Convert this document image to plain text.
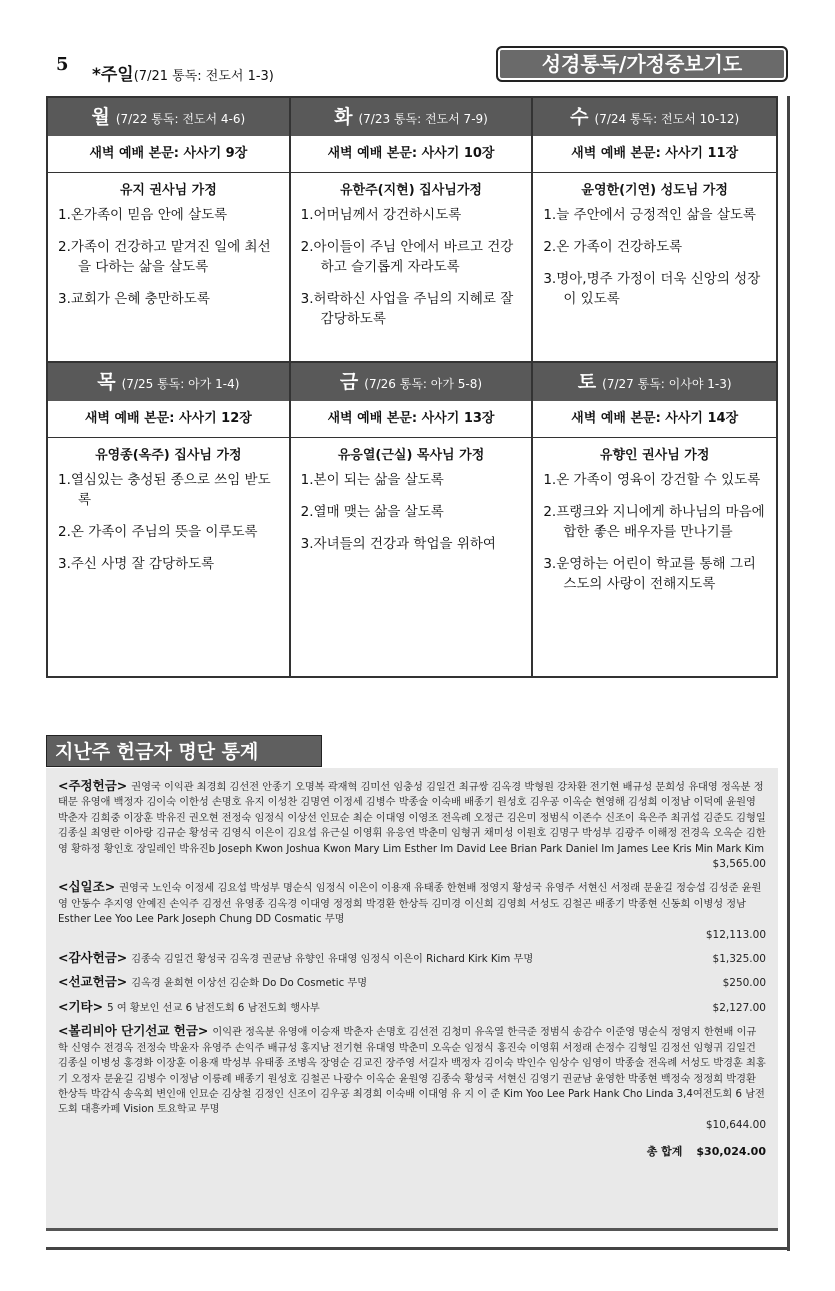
5 *주일(7/21 통독: 전도서 1-3)
성경통독/가정중보기도
월 (7/22 통독: 전도서 4-6)
새벽 예배 본문: 사사기 9장
유지 권사님 가정
1.온가족이 믿음 안에 살도록
2.가족이 건강하고 맡겨진 일에 최선을 다하는 삶을 살도록
3.교회가 은혜 충만하도록
화 (7/23 통독: 전도서 7-9)
새벽 예배 본문: 사사기 10장
유한주(지현) 집사님가정
1.어머님께서 강건하시도록
2.아이들이 주님 안에서 바르고 건강하고 슬기롭게 자라도록
3.허락하신 사업을 주님의 지혜로 잘 감당하도록
수 (7/24 통독: 전도서 10-12)
새벽 예배 본문: 사사기 11장
윤영한(기연) 성도님 가정
1.늘 주안에서 긍정적인 삶을 살도록
2.온 가족이 건강하도록
3.명아,명주 가정이 더욱 신앙의 성장이 있도록
목 (7/25 통독: 아가 1-4)
새벽 예배 본문: 사사기 12장
유영종(옥주) 집사님 가정
1.열심있는 충성된 종으로 쓰임 받도록
2.온 가족이 주님의 뜻을 이루도록
3.주신 사명 잘 감당하도록
금 (7/26 통독: 아가 5-8)
새벽 예배 본문: 사사기 13장
유응열(근실) 목사님 가정
1.본이 되는 삶을 살도록
2.열매 맺는 삶을 살도록
3.자녀들의 건강과 학업을 위하여
토 (7/27 통독: 이사야 1-3)
새벽 예배 본문: 사사기 14장
유향인 권사님 가정
1.온 가족이 영육이 강건할 수 있도록
2.프랭크와 지니에게 하나님의 마음에 합한 좋은 배우자를 만나기를
3.운영하는 어린이 학교를 통해 그리스도의 사랑이 전해지도록
지난주 헌금자 명단 통계
<주정헌금> 권영국 이익관 최경희 김선전 안종기 오명복 곽재혁 김미선 임충성 김일건 최규쌍 김옥경 박형원 강차환 전기현 배규성 문희성 유대영 정옥분 정태문 유영애 백정자 김이숙 이한성 손명호 유지 이성찬 김명연 이정세 김병수 박종술 이숙배 배종기 원성호 김우공 이옥순 현영해 김성희 이정남 이덕예 윤원영 박춘자 김희중 이장훈 박유진 권오현 전정숙 임정식 이상선 인묘순 최순 이대영 이영조 전옥례 오정근 김은미 정범식 이존수 신조이 육은주 최귀섭 김준도 김형일 김종실 최영란 이아랑 김규순 황성국 김영식 이은이 김요섭 유근실 이영휘 유응연 박춘미 임형귀 채미성 이원호 김명구 박성부 김광주 이해정 전경옥 오옥순 김한영 황하정 황인호 장일레인 박유진b Joseph Kwon Joshua Kwon Mary Lim Esther Im David Lee Brian Park Daniel Im James Lee Kris Min Mark Kim
$3,565.00
<십일조> 권영국 노인숙 이정세 김요섭 박성부 명순식 임정식 이은이 이용재 유태종 한현배 정영지 황성국 유영주 서현신 서정래 문윤길 정승섭 김성준 윤원영 안동수 추지영 안예진 손익주 김정선 유영종 김옥경 이대영 정정희 박경환 한상득 김미경 이신희 김영희 서성도 김철곤 배종기 박종현 신동희 이병성 정남 Esther Lee Yoo Lee Park Joseph Chung DD Cosmatic 무명
$12,113.00
<감사헌금> 김종숙 김일건 황성국 김옥경 권균남 유향인 유대영 임정식 이은이 Richard Kirk Kim 무명	$1,325.00
<선교헌금> 김옥경 윤희현 이상선 김순화 Do Do Cosmetic 무명	$250.00
<기타> 5 여 황보인 선교 6 남전도회 6 남전도회 행사부	$2,127.00
<볼리비아 단기선교 헌금> 이익관 정옥분 유영애 이승재 박춘자 손명호 김선전 김청미 유옥열 한극준 정범식 송감수 이준영 명순식 정영지 한현배 이규학 신영수 전경옥 전정숙 박윤자 유영주 손익주 배규성 홍지남 전기현 유대영 박춘미 오옥순 임정식 홍진숙 이영휘 서정래 손정수 김형일 김정선 임형귀 김일건 김종실 이병성 홍경화 이장훈 이용재 박성부 유태종 조병옥 장영순 김교진 장주영 서길자 백정자 김이숙 박인수 임상수 임영이 박종술 전옥례 서성도 박경훈 최홍기 오정자 문윤길 김병수 이정남 이릉례 배종기 원성호 김철곤 나광수 이옥순 윤원영 김종숙 황성국 서현신 김영기 권균남 윤영한 박종현 백정숙 정정희 박경환 한상득 박감식 송옥희 변인애 인묘순 김상철 김정인 신조이 김우공 최경희 이숙배 이대영 유 지 이 준 Kim Yoo Lee Park Hank Cho Linda 3,4여전도회 6 남전도회 대흥카페 Vision 토요학교 무명
$10,644.00
총 합계 $30,024.00
